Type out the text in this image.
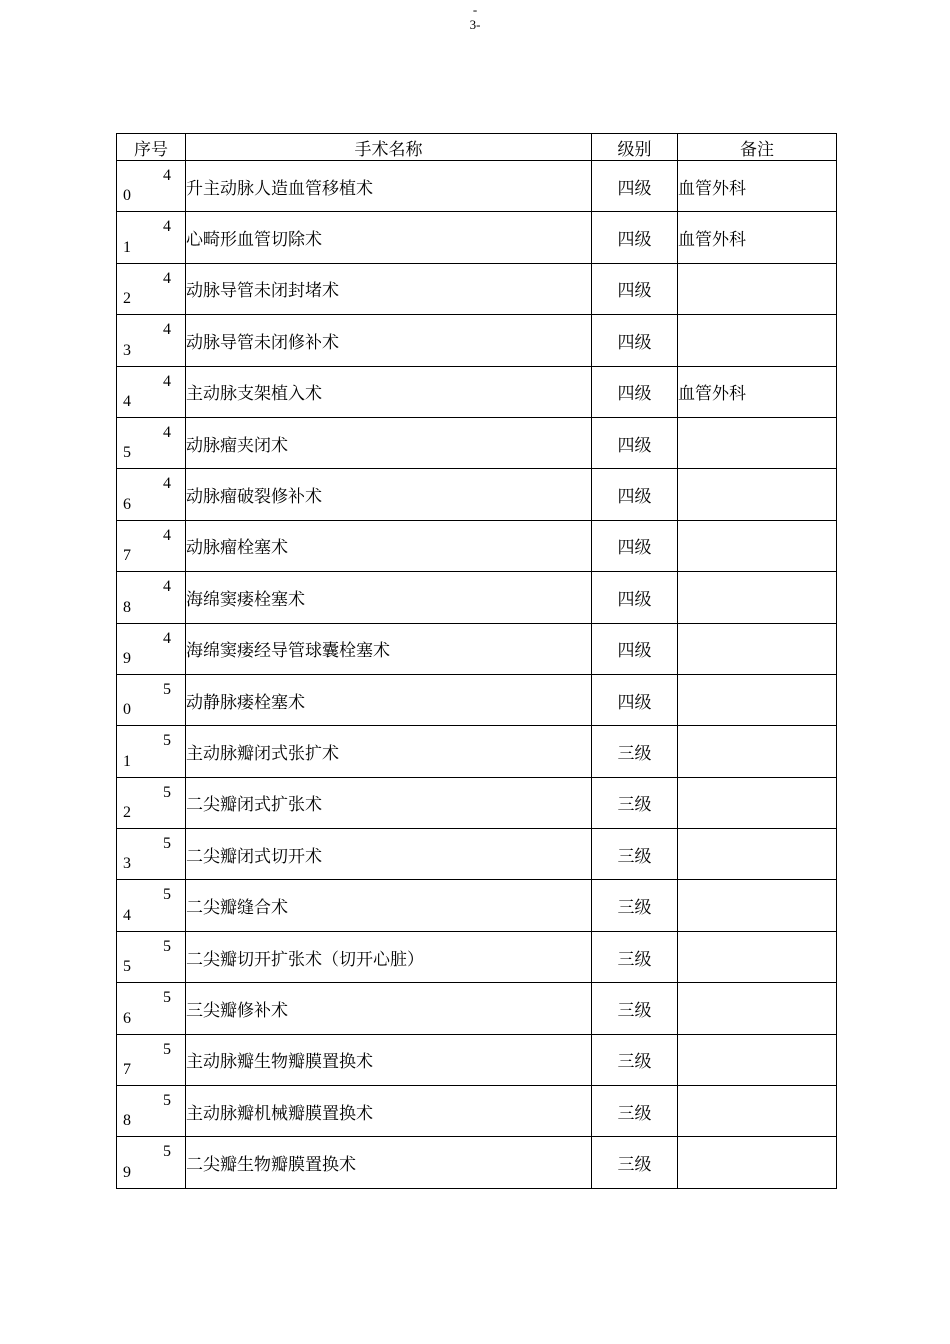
-
3-
序号	手术名称	级别	备注

4
0	升主动脉人造血管移植术	四级	血管外科

4
1	心畸形血管切除术	四级	血管外科

4
2	动脉导管未闭封堵术	四级	

4
3	动脉导管未闭修补术	四级	

4
4	主动脉支架植入术	四级	血管外科

4
5	动脉瘤夹闭术	四级	

4
6	动脉瘤破裂修补术	四级	

4
7	动脉瘤栓塞术	四级	

4
8	海绵窦瘘栓塞术	四级	

4
9	海绵窦瘘经导管球囊栓塞术	四级	

5
0	动静脉瘘栓塞术	四级	

5
1	主动脉瓣闭式张扩术	三级	

5
2	二尖瓣闭式扩张术	三级	

5
3	二尖瓣闭式切开术	三级	

5
4	二尖瓣缝合术	三级	

5
5	二尖瓣切开扩张术（切开心脏）	三级	

5
6	三尖瓣修补术	三级	

5
7	主动脉瓣生物瓣膜置换术	三级	

5
8	主动脉瓣机械瓣膜置换术	三级	

5
9	二尖瓣生物瓣膜置换术	三级	
